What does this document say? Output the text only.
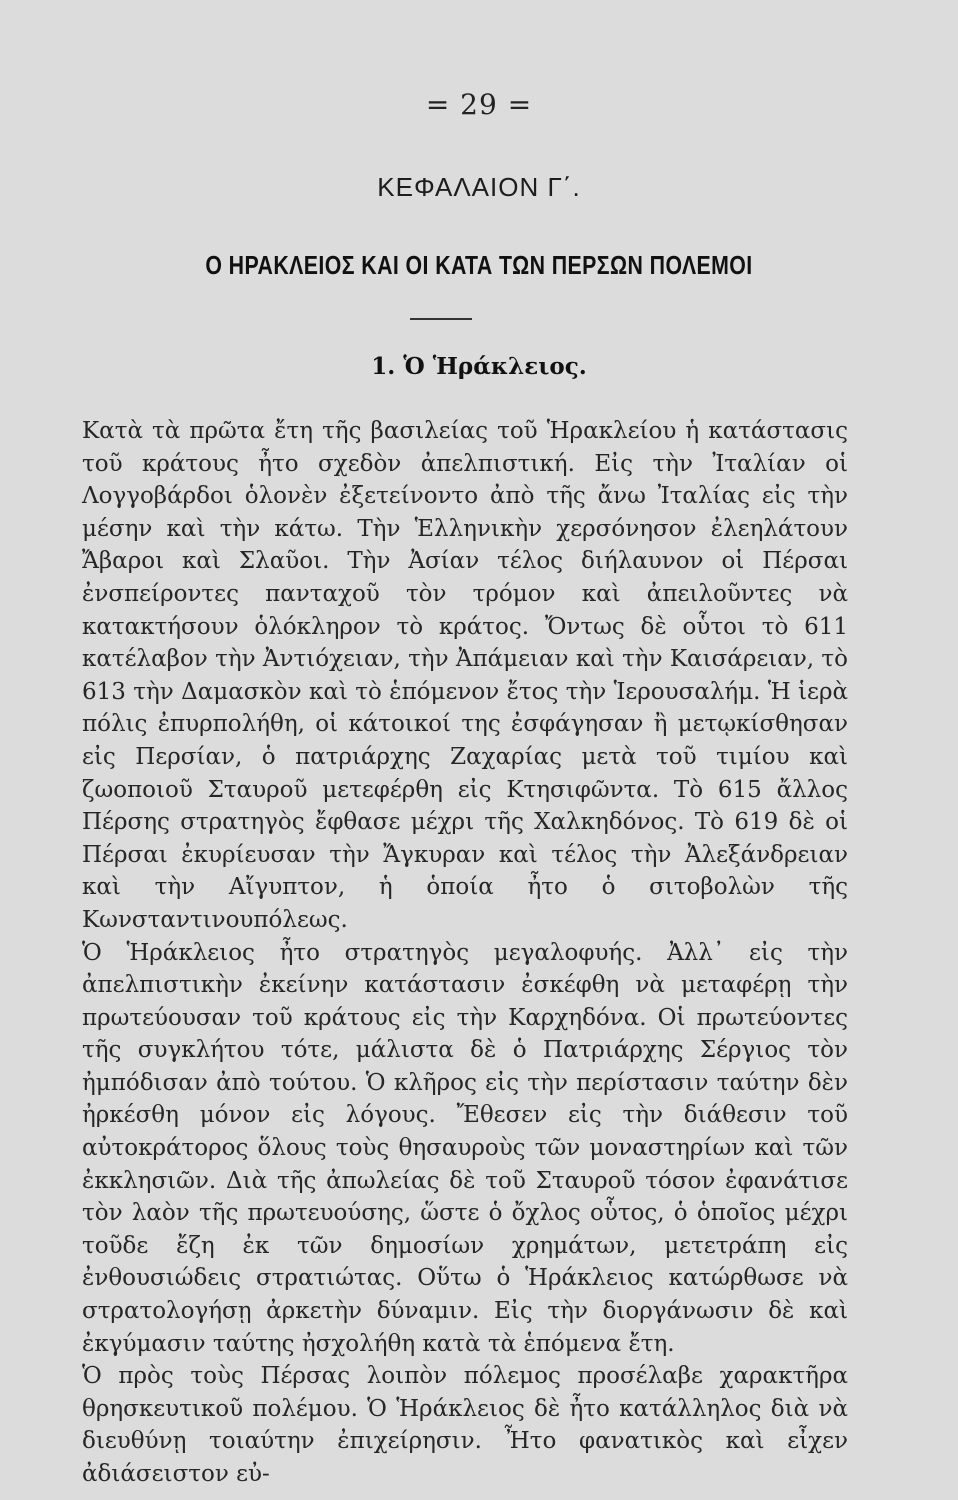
= 29 =
ΚΕΦΑΛΑΙΟΝ Γ΄.
Ο ΗΡΑΚΛΕΙΟΣ ΚΑΙ ΟΙ ΚΑΤΑ ΤΩΝ ΠΕΡΣΩΝ ΠΟΛΕΜΟΙ
1. Ὁ Ἡράκλειος.

Κατὰ τὰ πρῶτα ἔτη τῆς βασιλείας τοῦ Ἡρακλείου ἡ κατάστασις τοῦ κράτους ἦτο σχεδὸν ἀπελπιστική. Εἰς τὴν Ἰταλίαν οἱ Λογγοβάρδοι ὁλονὲν ἐξετείνοντο ἀπὸ τῆς ἄνω Ἰταλίας εἰς τὴν μέσην καὶ τὴν κάτω. Τὴν Ἑλληνικὴν χερσόνησον ἐλεηλάτουν Ἄβαροι καὶ Σλαῦοι. Τὴν Ἀσίαν τέλος διήλαυνον οἱ Πέρσαι ἐνσπείροντες πανταχοῦ τὸν τρόμον καὶ ἀπειλοῦντες νὰ κατακτήσουν ὁλόκληρον τὸ κράτος. Ὄντως δὲ οὗτοι τὸ 611 κατέλαβον τὴν Ἀντιόχειαν, τὴν Ἀπάμειαν καὶ τὴν Καισάρειαν, τὸ 613 τὴν Δαμασκὸν καὶ τὸ ἑπόμενον ἔτος τὴν Ἱερουσαλήμ. Ἡ ἱερὰ πόλις ἐπυρπολήθη, οἱ κάτοικοί της ἐσφάγησαν ἢ μετῳκίσθησαν εἰς Περσίαν, ὁ πατριάρχης Ζαχαρίας μετὰ τοῦ τιμίου καὶ ζωοποιοῦ Σταυροῦ μετεφέρθη εἰς Κτησιφῶντα. Τὸ 615 ἄλλος Πέρσης στρατηγὸς ἔφθασε μέχρι τῆς Χαλκηδόνος. Τὸ 619 δὲ οἱ Πέρσαι ἐκυρίευσαν τὴν Ἄγκυραν καὶ τέλος τὴν Ἀλεξάνδρειαν καὶ τὴν Αἴγυπτον, ἡ ὁποία ἦτο ὁ σιτοβολὼν τῆς Κωνσταντινουπόλεως.

Ὁ Ἡράκλειος ἦτο στρατηγὸς μεγαλοφυής. Ἀλλ᾽ εἰς τὴν ἀπελπιστικὴν ἐκείνην κατάστασιν ἐσκέφθη νὰ μεταφέρῃ τὴν πρωτεύουσαν τοῦ κράτους εἰς τὴν Καρχηδόνα. Οἱ πρωτεύοντες τῆς συγκλήτου τότε, μάλιστα δὲ ὁ Πατριάρχης Σέργιος τὸν ἠμπόδισαν ἀπὸ τούτου. Ὁ κλῆρος εἰς τὴν περίστασιν ταύτην δὲν ἠρκέσθη μόνον εἰς λόγους. Ἔθεσεν εἰς τὴν διάθεσιν τοῦ αὐτοκράτορος ὅλους τοὺς θησαυροὺς τῶν μοναστηρίων καὶ τῶν ἐκκλησιῶν. Διὰ τῆς ἀπωλείας δὲ τοῦ Σταυροῦ τόσον ἐφανάτισε τὸν λαὸν τῆς πρωτευούσης, ὥστε ὁ ὄχλος οὗτος, ὁ ὁποῖος μέχρι τοῦδε ἔζη ἐκ τῶν δημοσίων χρημάτων, μετετράπη εἰς ἐνθουσιώδεις στρατιώτας. Οὕτω ὁ Ἡράκλειος κατώρθωσε νὰ στρατολογήσῃ ἀρκετὴν δύναμιν. Εἰς τὴν διοργάνωσιν δὲ καὶ ἐκγύμασιν ταύτης ἠσχολήθη κατὰ τὰ ἑπόμενα ἔτη.

Ὁ πρὸς τοὺς Πέρσας λοιπὸν πόλεμος προσέλαβε χαρακτῆρα θρησκευτικοῦ πολέμου. Ὁ Ἡράκλειος δὲ ἦτο κατάλληλος διὰ νὰ διευθύνῃ τοιαύτην ἐπιχείρησιν. Ἦτο φανατικὸς καὶ εἶχεν ἀδιάσειστον εὐ-
